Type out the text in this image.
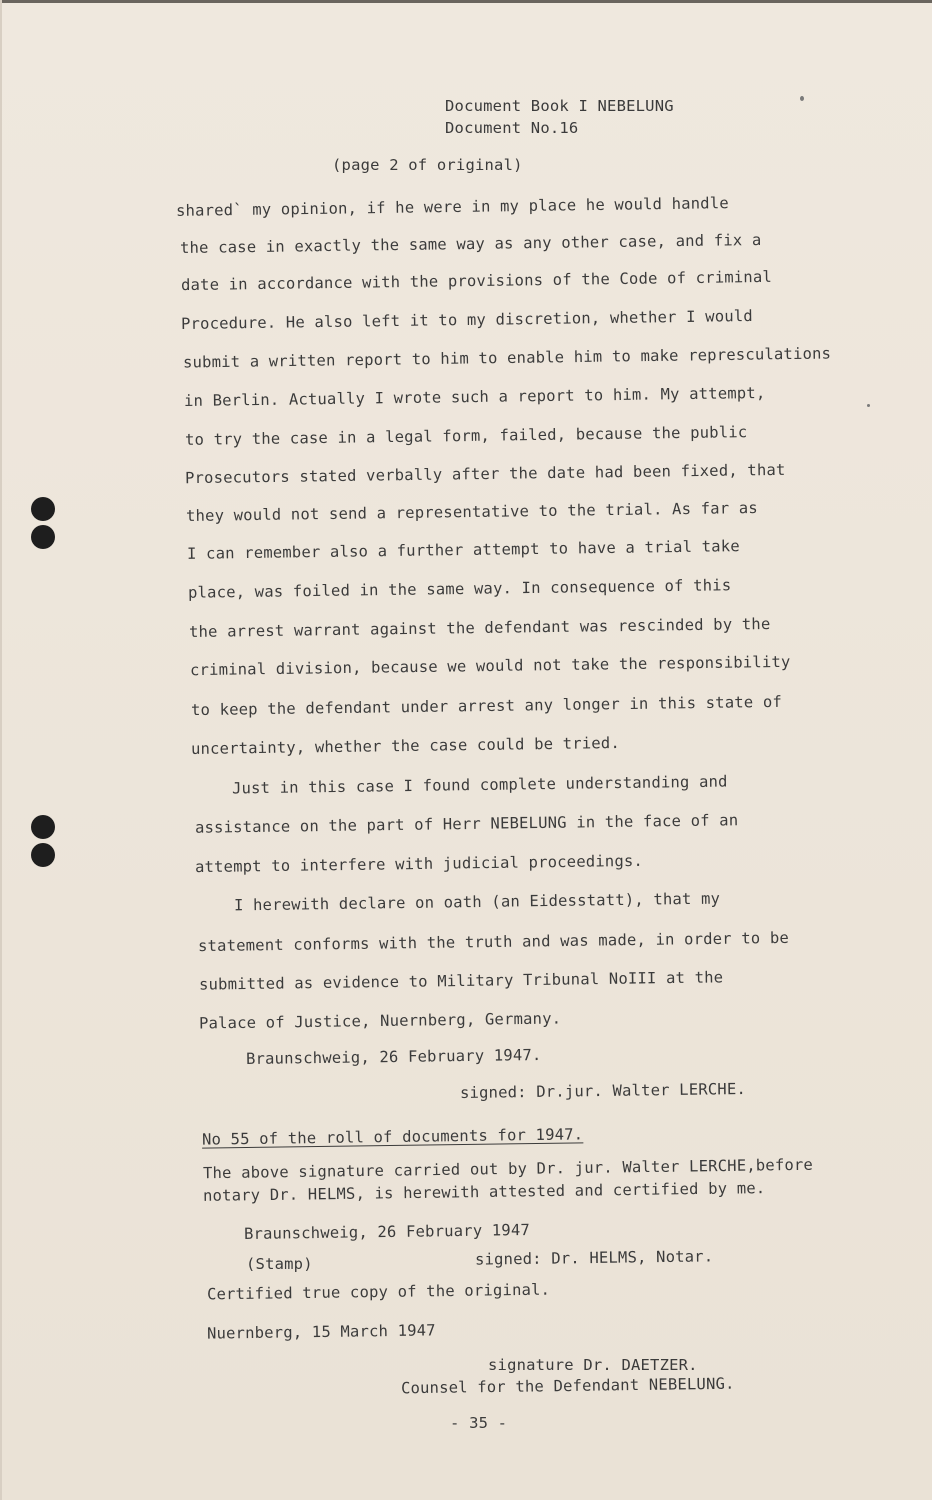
Document Book I NEBELUNG
Document No.16
(page 2 of original)
shared` my opinion, if he were in my place he would handle
the case in exactly the same way as any other case, and fix a
date in accordance with the provisions of the Code of criminal
Procedure. He also left it to my discretion, whether I would
submit a written report to him to enable him to make represculations
in Berlin. Actually I wrote such a report to him. My attempt,
to try the case in a legal form, failed, because the public
Prosecutors stated verbally after the date had been fixed, that
they would not send a representative to the trial. As far as
I can remember also a further attempt to have a trial take
place, was foiled in the same way. In consequence of this
the arrest warrant against the defendant was rescinded by the
criminal division, because we would not take the responsibility
to keep the defendant under arrest any longer in this state of
uncertainty, whether the case could be tried.
Just in this case I found complete understanding and
assistance on the part of Herr NEBELUNG in the face of an
attempt to interfere with judicial proceedings.
I herewith declare on oath (an Eidesstatt), that my
statement conforms with the truth and was made, in order to be
submitted as evidence to Military Tribunal NoIII at the
Palace of Justice, Nuernberg, Germany.
Braunschweig, 26 February 1947.
signed: Dr.jur. Walter LERCHE.
No 55 of the roll of documents for 1947.
The above signature carried out by Dr. jur. Walter LERCHE,before
notary Dr. HELMS, is herewith attested and certified by me.
Braunschweig, 26 February 1947
(Stamp)	signed: Dr. HELMS, Notar.
Certified true copy of the original.
Nuernberg, 15 March 1947
signature Dr. DAETZER.
Counsel for the Defendant NEBELUNG.
- 35 -
